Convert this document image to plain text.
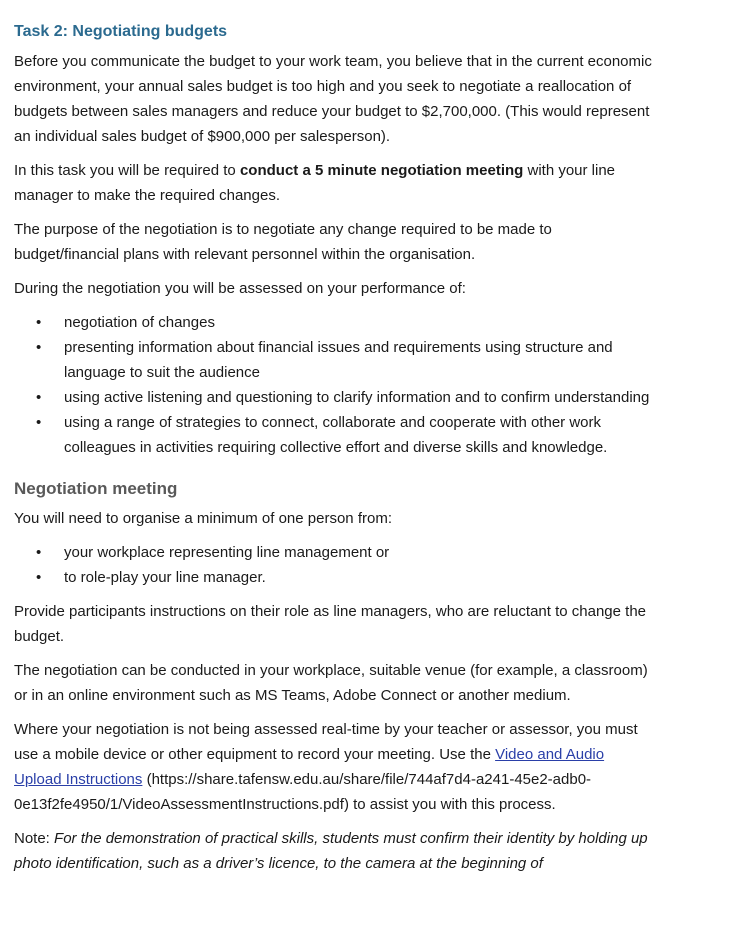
Task 2: Negotiating budgets

Before you communicate the budget to your work team, you believe that in the current economic environment, your annual sales budget is too high and you seek to negotiate a reallocation of budgets between sales managers and reduce your budget to $2,700,000. (This would represent an individual sales budget of $900,000 per salesperson).

In this task you will be required to conduct a 5 minute negotiation meeting with your line manager to make the required changes.

The purpose of the negotiation is to negotiate any change required to be made to budget/financial plans with relevant personnel within the organisation.

During the negotiation you will be assessed on your performance of:

• negotiation of changes
• presenting information about financial issues and requirements using structure and language to suit the audience
• using active listening and questioning to clarify information and to confirm understanding
• using a range of strategies to connect, collaborate and cooperate with other work colleagues in activities requiring collective effort and diverse skills and knowledge.
Negotiation meeting

You will need to organise a minimum of one person from:

• your workplace representing line management or
• to role-play your line manager.

Provide participants instructions on their role as line managers, who are reluctant to change the budget.

The negotiation can be conducted in your workplace, suitable venue (for example, a classroom) or in an online environment such as MS Teams, Adobe Connect or another medium.

Where your negotiation is not being assessed real-time by your teacher or assessor, you must use a mobile device or other equipment to record your meeting. Use the Video and Audio Upload Instructions (https://share.tafensw.edu.au/share/file/744af7d4-a241-45e2-adb0-0e13f2fe4950/1/VideoAssessmentInstructions.pdf) to assist you with this process.

Note: For the demonstration of practical skills, students must confirm their identity by holding up photo identification, such as a driver’s licence, to the camera at the beginning of
